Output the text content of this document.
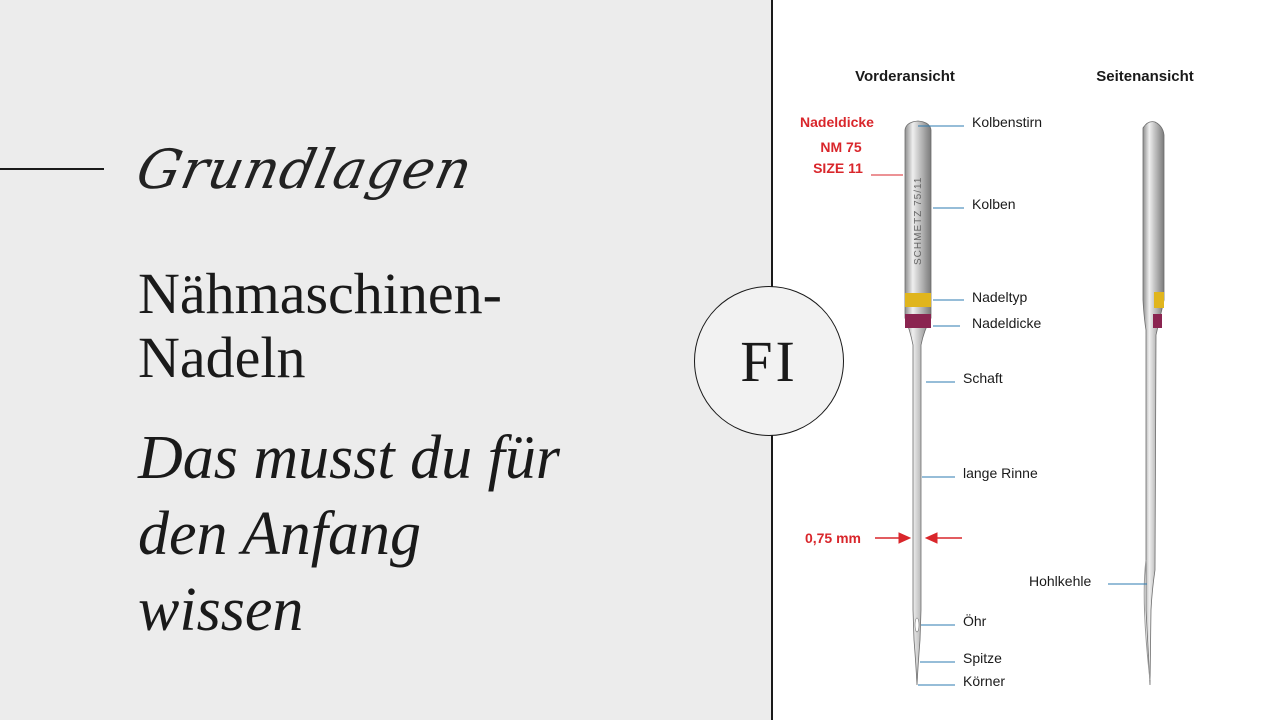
Grundlagen
Nähmaschinen-
Nadeln
Das musst du für
den Anfang
wissen
FI
Vorderansicht	Seitenansicht
SCHMETZ 75/11
Nadeldicke
NM 75
SIZE 11
0,75 mm
Kolbenstirn
Kolben
Nadeltyp
Nadeldicke
Schaft
lange Rinne
Öhr
Spitze
Körner
Hohlkehle
